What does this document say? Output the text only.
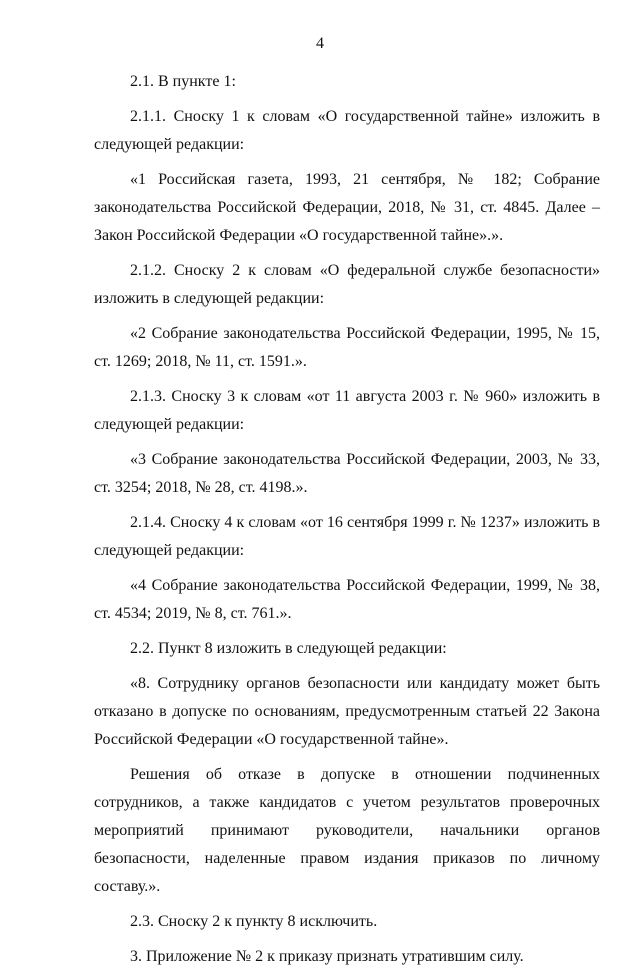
4

2.1. В пункте 1:

2.1.1. Сноску 1 к словам «О государственной тайне» изложить в следующей редакции:

«1 Российская газета, 1993, 21 сентября, № 182; Собрание законодательства Российской Федерации, 2018, № 31, ст. 4845. Далее – Закон Российской Федерации «О государственной тайне».».

2.1.2. Сноску 2 к словам «О федеральной службе безопасности» изложить в следующей редакции:

«2 Собрание законодательства Российской Федерации, 1995, № 15, ст. 1269; 2018, № 11, ст. 1591.».

2.1.3. Сноску 3 к словам «от 11 августа 2003 г. № 960» изложить в следующей редакции:

«3 Собрание законодательства Российской Федерации, 2003, № 33, ст. 3254; 2018, № 28, ст. 4198.».

2.1.4. Сноску 4 к словам «от 16 сентября 1999 г. № 1237» изложить в следующей редакции:

«4 Собрание законодательства Российской Федерации, 1999, № 38, ст. 4534; 2019, № 8, ст. 761.».

2.2. Пункт 8 изложить в следующей редакции:

«8. Сотруднику органов безопасности или кандидату может быть отказано в допуске по основаниям, предусмотренным статьей 22 Закона Российской Федерации «О государственной тайне».

Решения об отказе в допуске в отношении подчиненных сотрудников, а также кандидатов с учетом результатов проверочных мероприятий принимают руководители, начальники органов безопасности, наделенные правом издания приказов по личному составу.».

2.3. Сноску 2 к пункту 8 исключить.

3. Приложение № 2 к приказу признать утратившим силу.
